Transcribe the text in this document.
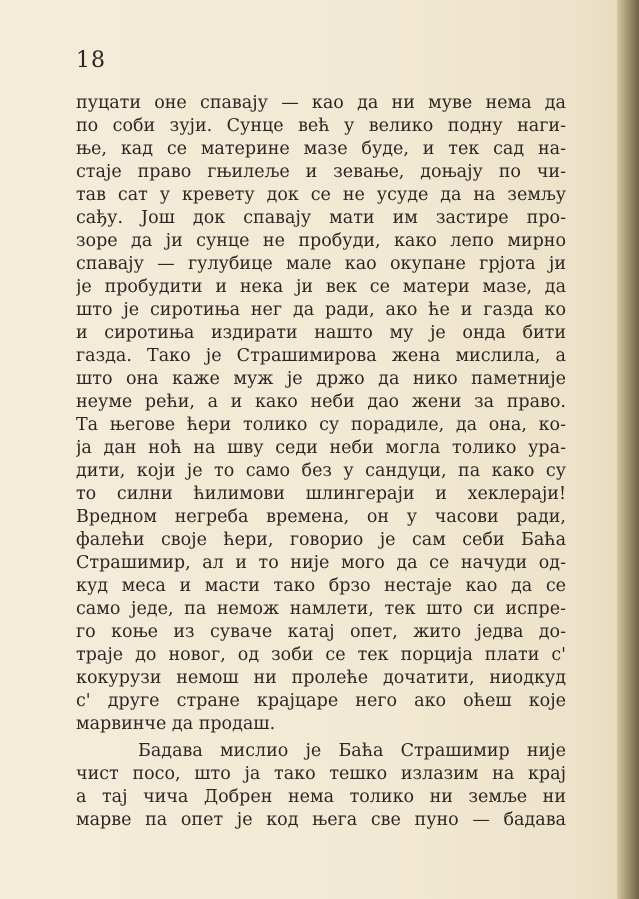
18
пуцати оне спавају — као да ни муве нема да
по соби зуји. Сунце већ у велико подну наги-
ње, кад се материне мазе буде, и тек сад на-
стаје право гњилеље и зевање, доњају по чи-
тав сат у кревету док се не усуде да на земљу
сађу. Још док спавају мати им застире про-
зоре да ји сунце не пробуди, како лепо мирно
спавају — гулубице мале као окупане грјота ји
је пробудити и нека ји век се матери мазе, да
што је сиротиња нег да ради, ако ће и газда ко
и сиротиња издирати нашто му је онда бити
газда. Тако је Страшимирова жена мислила, а
што она каже муж је држо да нико паметније
неуме рећи, а и како неби дао жени за право.
Та његове ћери толико су порадиле, да она, ко-
ја дан ноћ на шву седи неби могла толико ура-
дити, који је то само без у сандуци, па како су
то силни ћилимови шлингераји и хеклераји!
Вредном негреба времена, он у часови ради,
фалећи своје ћери, говорио је сам себи Баћа
Страшимир, ал и то није мого да се начуди од-
куд меса и масти тако брзо нестаје као да се
само једе, па немож намлети, тек што си испре-
го коње из суваче катај опет, жито једва до-
траје до новог, од зоби се тек порција плати с'
кокурузи немош ни пролеће дочатити, ниодкуд
с' друге стране крајцаре него ако oћеш које
марвинче да продаш.
Бадава мислио је Баћа Страшимир није
чист посо, што ја тако тешко излазим на крај
а тај чича Добрен нема толико ни земље ни
марве па опет је код њега све пуно — бадава
